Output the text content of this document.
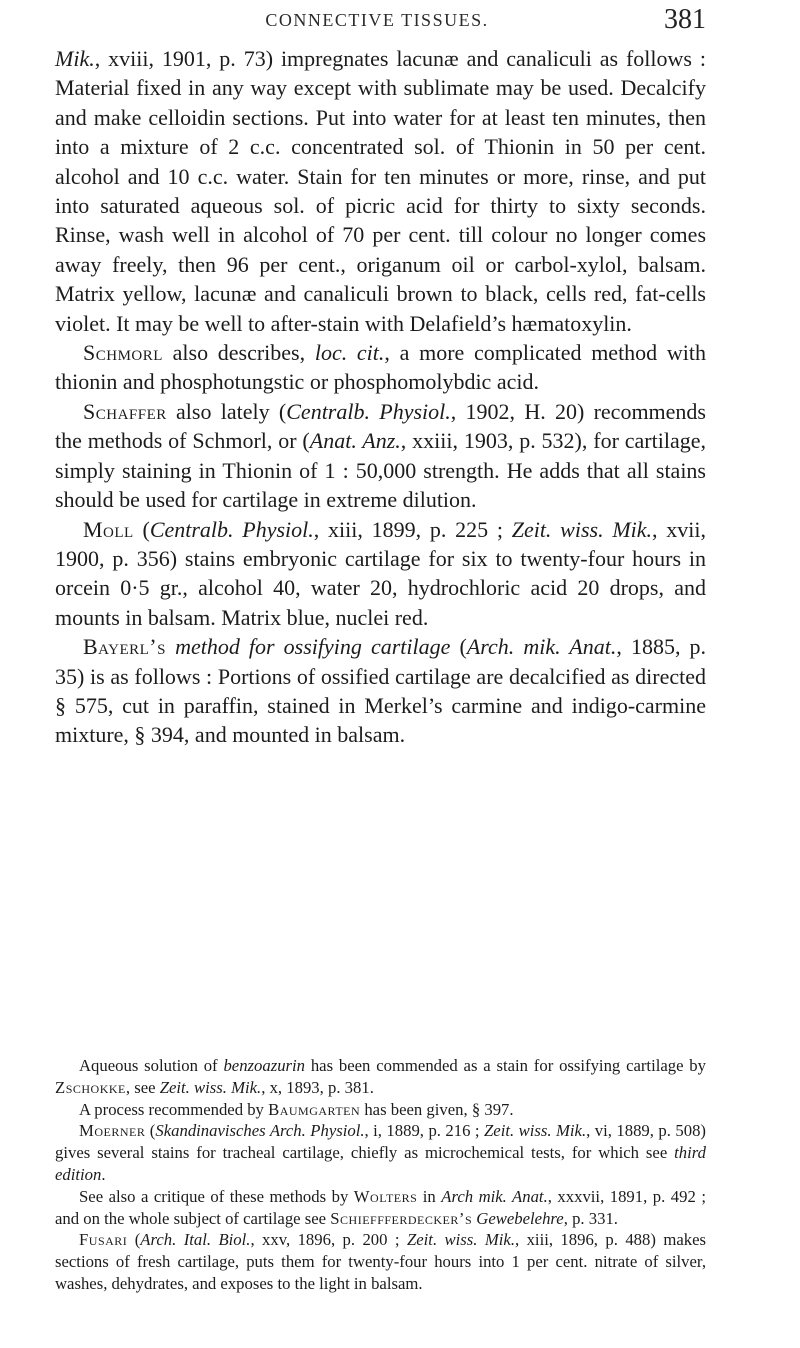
CONNECTIVE TISSUES.	381

Mik., xviii, 1901, p. 73) impregnates lacunæ and canaliculi as follows : Material fixed in any way except with sublimate may be used. Decalcify and make celloidin sections. Put into water for at least ten minutes, then into a mixture of 2 c.c. concentrated sol. of Thionin in 50 per cent. alcohol and 10 c.c. water. Stain for ten minutes or more, rinse, and put into saturated aqueous sol. of picric acid for thirty to sixty seconds. Rinse, wash well in alcohol of 70 per cent. till colour no longer comes away freely, then 96 per cent., origanum oil or carbol-xylol, balsam. Matrix yellow, lacunæ and canaliculi brown to black, cells red, fat-cells violet. It may be well to after-stain with Delafield’s hæmatoxylin.

Schmorl also describes, loc. cit., a more complicated method with thionin and phosphotungstic or phosphomolybdic acid.

Schaffer also lately (Centralb. Physiol., 1902, H. 20) recommends the methods of Schmorl, or (Anat. Anz., xxiii, 1903, p. 532), for cartilage, simply staining in Thionin of 1 : 50,000 strength. He adds that all stains should be used for cartilage in extreme dilution.

Moll (Centralb. Physiol., xiii, 1899, p. 225 ; Zeit. wiss. Mik., xvii, 1900, p. 356) stains embryonic cartilage for six to twenty-four hours in orcein 0·5 gr., alcohol 40, water 20, hydrochloric acid 20 drops, and mounts in balsam. Matrix blue, nuclei red.

Bayerl’s method for ossifying cartilage (Arch. mik. Anat., 1885, p. 35) is as follows : Portions of ossified cartilage are decalcified as directed § 575, cut in paraffin, stained in Merkel’s carmine and indigo-carmine mixture, § 394, and mounted in balsam.

Aqueous solution of benzoazurin has been commended as a stain for ossifying cartilage by Zschokke, see Zeit. wiss. Mik., x, 1893, p. 381.

A process recommended by Baumgarten has been given, § 397.

Moerner (Skandinavisches Arch. Physiol., i, 1889, p. 216 ; Zeit. wiss. Mik., vi, 1889, p. 508) gives several stains for tracheal cartilage, chiefly as microchemical tests, for which see third edition.

See also a critique of these methods by Wolters in Arch mik. Anat., xxxvii, 1891, p. 492 ; and on the whole subject of cartilage see Schieffferdecker’s Gewebelehre, p. 331.

Fusari (Arch. Ital. Biol., xxv, 1896, p. 200 ; Zeit. wiss. Mik., xiii, 1896, p. 488) makes sections of fresh cartilage, puts them for twenty-four hours into 1 per cent. nitrate of silver, washes, dehydrates, and exposes to the light in balsam.
